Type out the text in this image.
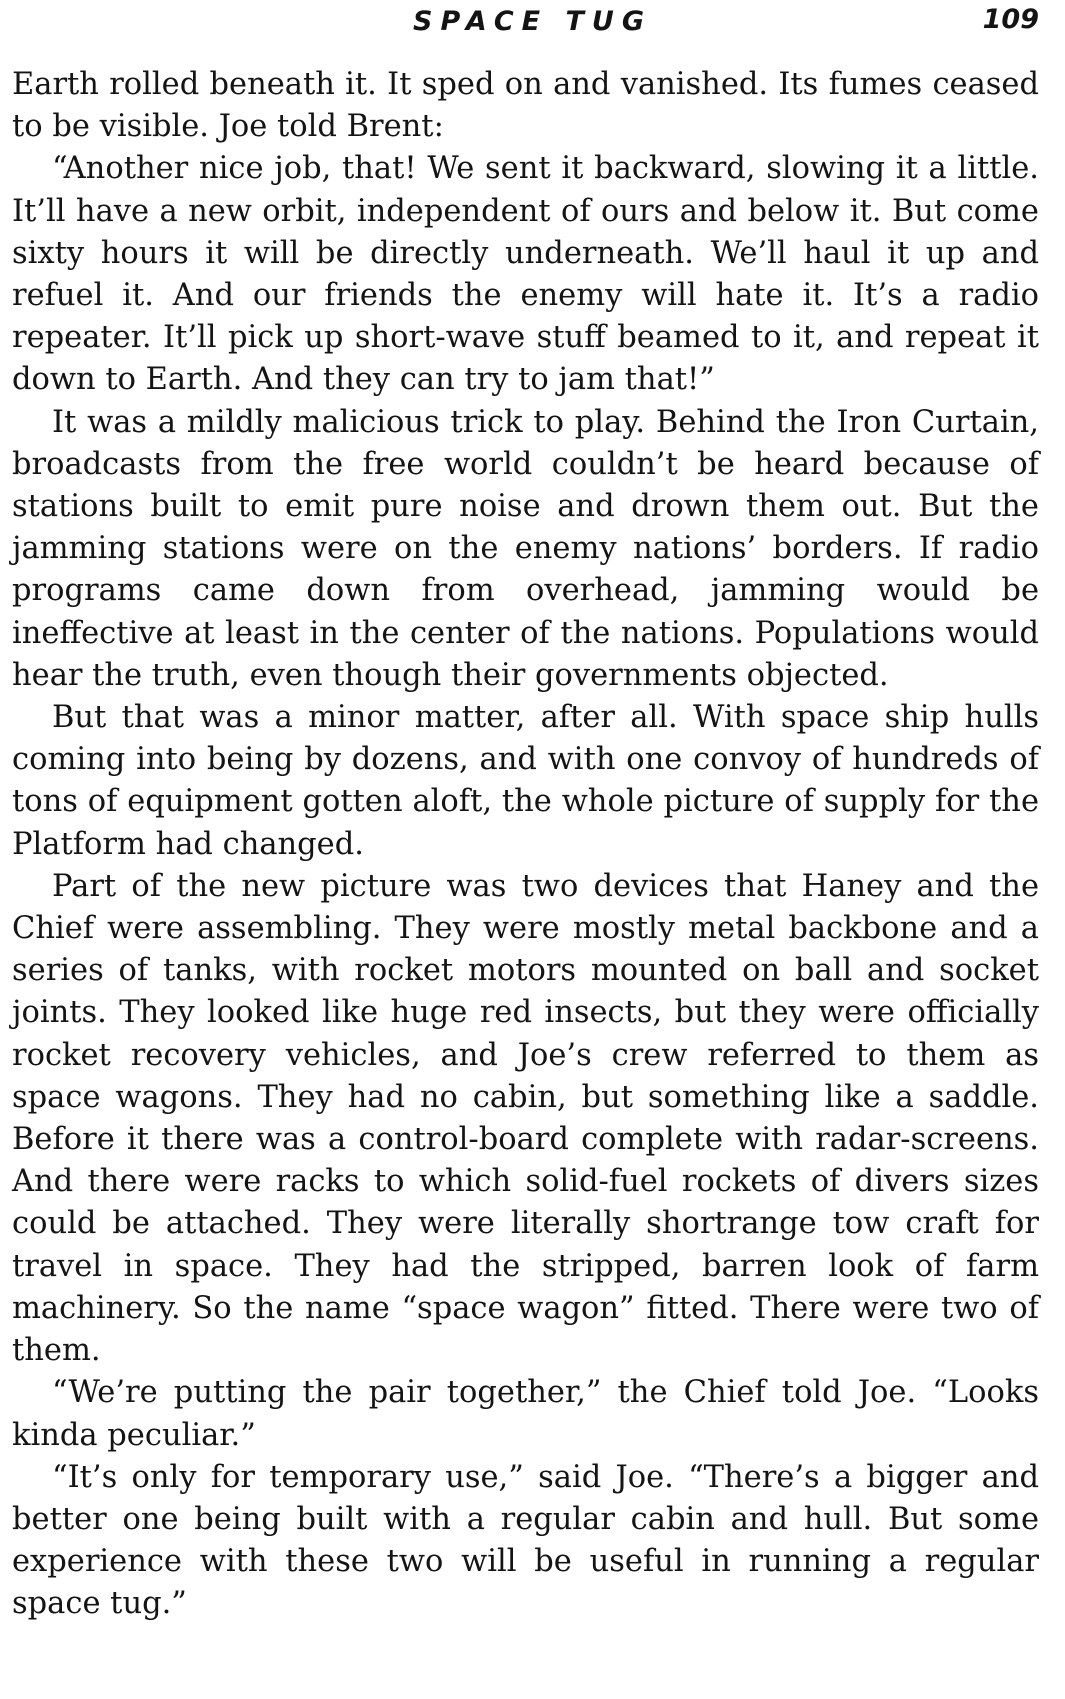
SPACE TUG	109

Earth rolled beneath it. It sped on and vanished. Its fumes ceased to be visible. Joe told Brent:

“Another nice job, that! We sent it backward, slowing it a little. It’ll have a new orbit, independent of ours and below it. But come sixty hours it will be directly underneath. We’ll haul it up and refuel it. And our friends the enemy will hate it. It’s a radio repeater. It’ll pick up short-wave stuff beamed to it, and repeat it down to Earth. And they can try to jam that!”

It was a mildly malicious trick to play. Behind the Iron Curtain, broadcasts from the free world couldn’t be heard because of stations built to emit pure noise and drown them out. But the jamming stations were on the enemy nations’ borders. If radio programs came down from overhead, jamming would be ineffective at least in the center of the nations. Populations would hear the truth, even though their governments objected.

But that was a minor matter, after all. With space ship hulls coming into being by dozens, and with one convoy of hundreds of tons of equipment gotten aloft, the whole picture of supply for the Platform had changed.

Part of the new picture was two devices that Haney and the Chief were assembling. They were mostly metal backbone and a series of tanks, with rocket motors mounted on ball and socket joints. They looked like huge red insects, but they were officially rocket recovery vehicles, and Joe’s crew referred to them as space wagons. They had no cabin, but something like a saddle. Before it there was a control-board complete with radar-screens. And there were racks to which solid-fuel rockets of divers sizes could be attached. They were literally shortrange tow craft for travel in space. They had the stripped, barren look of farm machinery. So the name “space wagon” fitted. There were two of them.

“We’re putting the pair together,” the Chief told Joe. “Looks kinda peculiar.”

“It’s only for temporary use,” said Joe. “There’s a bigger and better one being built with a regular cabin and hull. But some experience with these two will be useful in running a regular space tug.”
